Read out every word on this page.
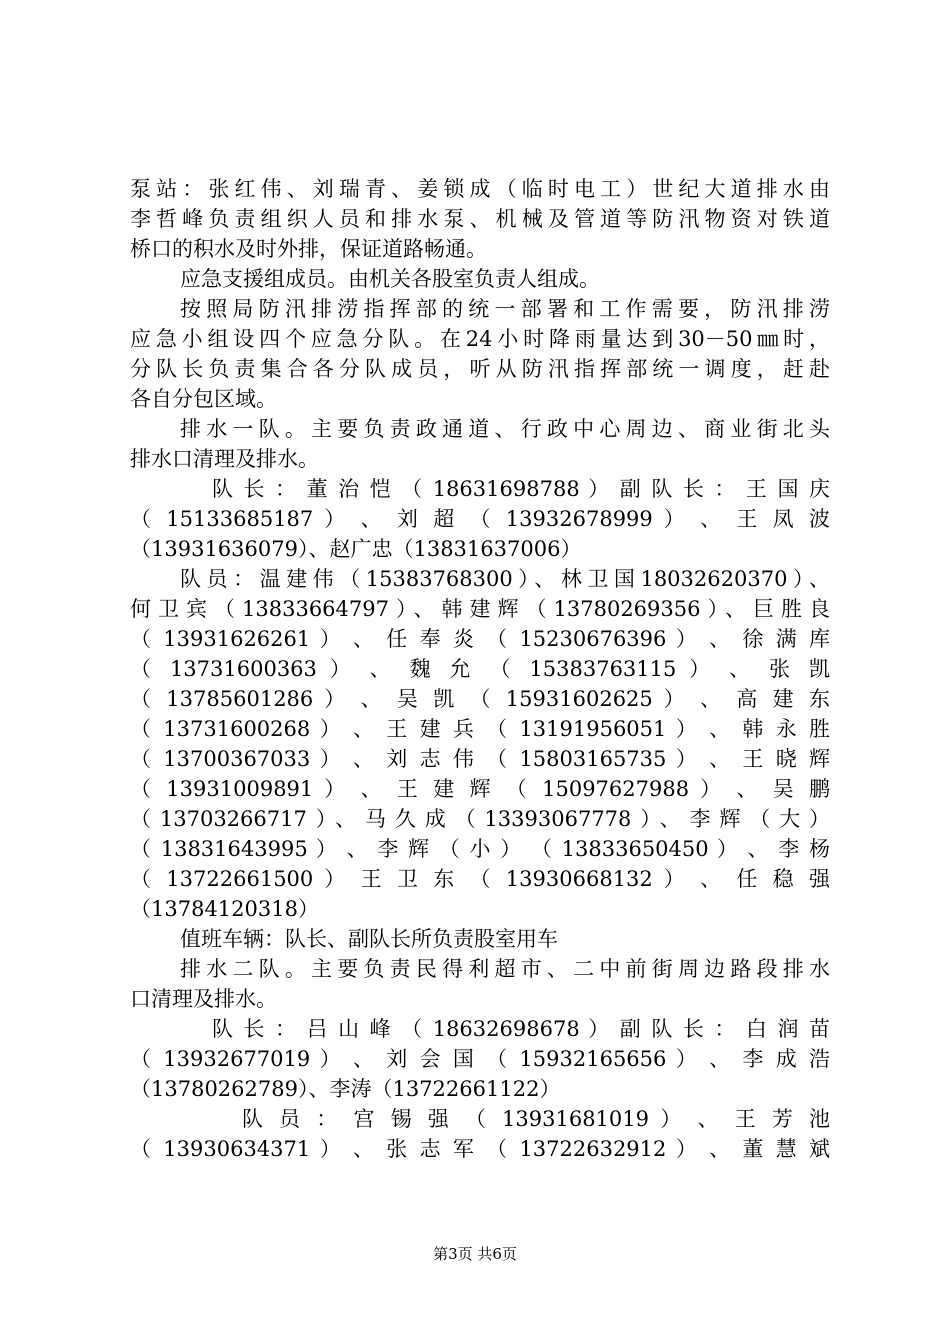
泵站：张红伟、刘瑞青、姜锁成（临时电工）世纪大道排水由
李哲峰负责组织人员和排水泵、机械及管道等防汛物资对铁道
桥口的积水及时外排，保证道路畅通。
应急支援组成员。由机关各股室负责人组成。
按照局防汛排涝指挥部的统一部署和工作需要，防汛排涝
应急小组设四个应急分队。在24小时降雨量达到30－50㎜时，
分队长负责集合各分队成员，听从防汛指挥部统一调度，赶赴
各自分包区域。
排水一队。主要负责政通道、行政中心周边、商业街北头
排水口清理及排水。
队 长 ： 董 治 恺 （ 18631698788 ） 副 队 长 ： 王 国 庆
（ 15133685187 ） 、 刘 超 （ 13932678999 ） 、 王 凤 波
（13931636079）、赵广忠（13831637006）
队员：温建伟（15383768300）、林卫国18032620370）、
何卫宾（13833664797）、韩建辉（13780269356）、巨胜良
（ 13931626261 ） 、 任 奉 炎 （ 15230676396 ） 、 徐 满 库
（ 13731600363 ） 、 魏 允 （ 15383763115 ） 、 张 凯
（ 13785601286 ） 、 吴 凯 （ 15931602625 ） 、 高 建 东
（ 13731600268 ） 、 王 建 兵 （ 13191956051 ） 、 韩 永 胜
（ 13700367033 ） 、 刘 志 伟 （ 15803165735 ） 、 王 晓 辉
（ 13931009891 ） 、 王 建 辉 （ 15097627988 ） 、 吴 鹏
（13703266717）、马久成（13393067778）、李辉（大）
（ 13831643995 ） 、 李 辉 （ 小 ） （ 13833650450 ） 、 李 杨
（ 13722661500 ） 王 卫 东 （ 13930668132 ） 、 任 稳 强
（13784120318）
值班车辆：队长、副队长所负责股室用车
排水二队。主要负责民得利超市、二中前街周边路段排水
口清理及排水。
队 长 ： 吕 山 峰 （ 18632698678 ） 副 队 长 ： 白 润 苗
（ 13932677019 ） 、 刘 会 国 （ 15932165656 ） 、 李 成 浩
（13780262789）、李涛（13722661122）
队 员 ： 宫 锡 强 （ 13931681019 ） 、 王 芳 池
（ 13930634371 ） 、 张 志 军 （ 13722632912 ） 、 董 慧 斌
第3页 共6页
